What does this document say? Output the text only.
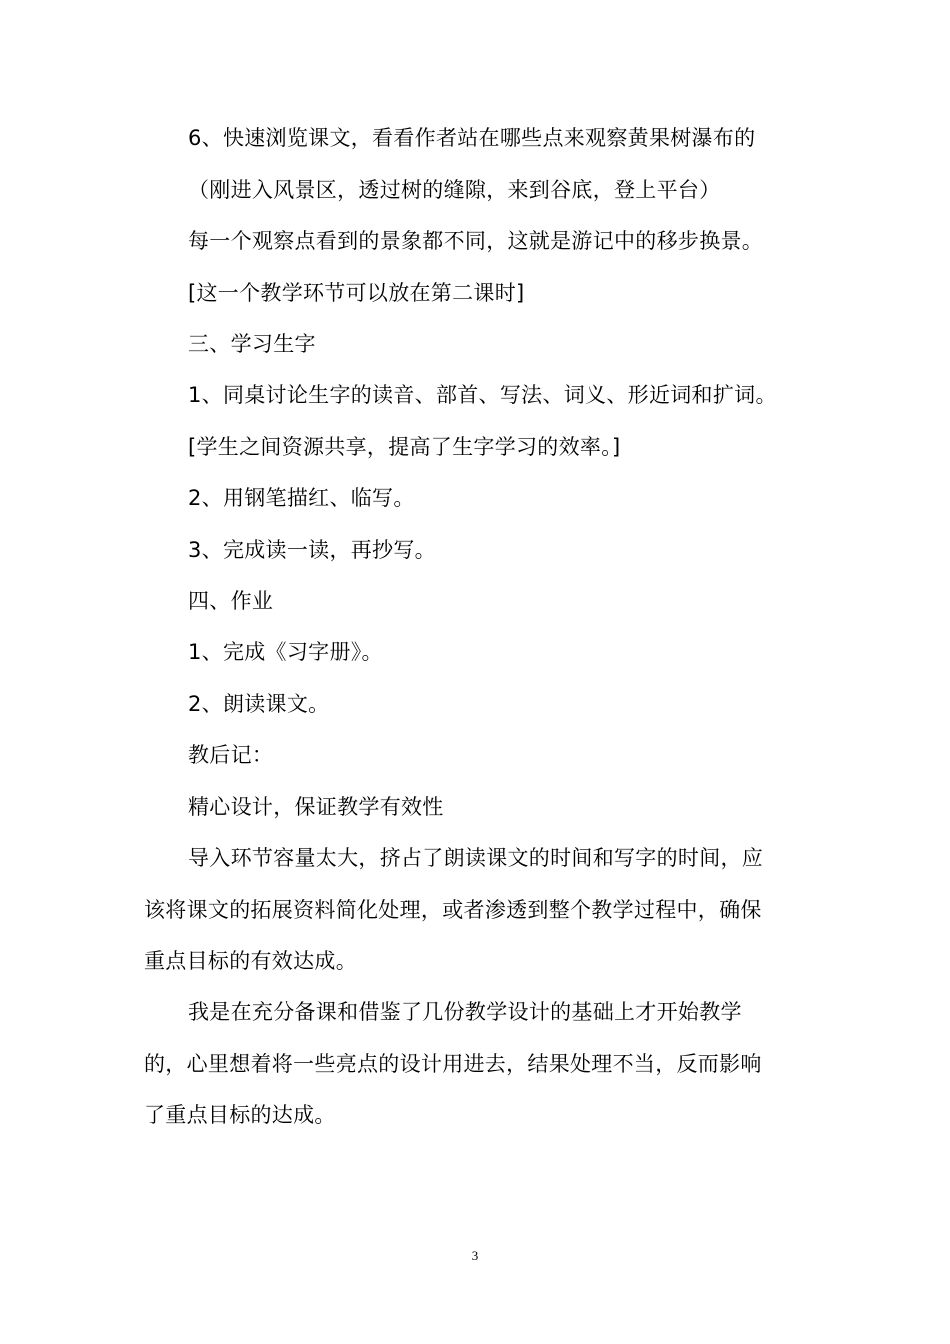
6、快速浏览课文，看看作者站在哪些点来观察黄果树瀑布的
（刚进入风景区，透过树的缝隙，来到谷底，登上平台）
每一个观察点看到的景象都不同，这就是游记中的移步换景。
[这一个教学环节可以放在第二课时]
三、学习生字
1、同桌讨论生字的读音、部首、写法、词义、形近词和扩词。
[学生之间资源共享，提高了生字学习的效率。]
2、用钢笔描红、临写。
3、完成读一读，再抄写。
四、作业
1、完成《习字册》。
2、朗读课文。
教后记：
精心设计，保证教学有效性
导入环节容量太大，挤占了朗读课文的时间和写字的时间，应
该将课文的拓展资料简化处理，或者渗透到整个教学过程中，确保
重点目标的有效达成。
我是在充分备课和借鉴了几份教学设计的基础上才开始教学
的，心里想着将一些亮点的设计用进去，结果处理不当，反而影响
了重点目标的达成。
3
